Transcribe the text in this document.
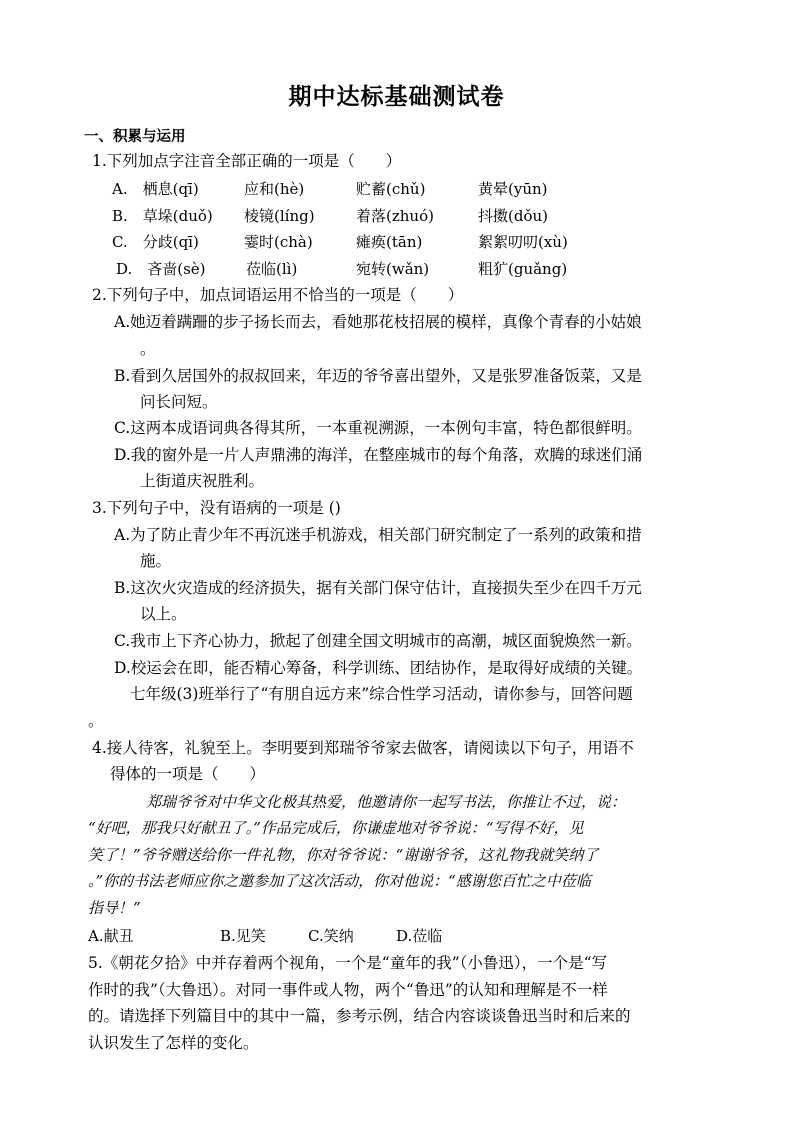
期中达标基础测试卷
一、积累与运用
1.下列加点字注音全部正确的一项是（　　）
A.　栖息(qī)	应和(hè)	贮蓄(chǔ)	黄晕(yūn)
B.　草垛(duǒ) 棱镜(líng)	着落(zhuó)	抖擞(dǒu)
C.　分歧(qī)	霎时(chà)	瘫痪(tān)	絮絮叨叨(xù)
D.　吝啬(sè)	莅临(lì)	宛转(wǎn)	粗犷(guǎng)
2.下列句子中，加点词语运用不恰当的一项是（　　）
A.她迈着蹒跚的步子扬长而去，看她那花枝招展的模样，真像个青春的小姑娘
。
B.看到久居国外的叔叔回来，年迈的爷爷喜出望外，又是张罗准备饭菜，又是
问长问短。
C.这两本成语词典各得其所，一本重视溯源，一本例句丰富，特色都很鲜明。
D.我的窗外是一片人声鼎沸的海洋，在整座城市的每个角落，欢腾的球迷们涌
上街道庆祝胜利。
3.下列句子中，没有语病的一项是 ()
A.为了防止青少年不再沉迷手机游戏，相关部门研究制定了一系列的政策和措
施。
B.这次火灾造成的经济损失，据有关部门保守估计，直接损失至少在四千万元
以上。
C.我市上下齐心协力，掀起了创建全国文明城市的高潮，城区面貌焕然一新。
D.校运会在即，能否精心筹备，科学训练、团结协作，是取得好成绩的关键。
七年级(3)班举行了“有朋自远方来”综合性学习活动，请你参与，回答问题
。
4.接人待客，礼貌至上。李明要到郑瑞爷爷家去做客，请阅读以下句子，用语不
得体的一项是（　　）
郑瑞爷爷对中华文化极其热爱，他邀请你一起写书法，你推让不过，说：
“好吧，那我只好献丑了。”作品完成后，你谦虚地对爷爷说：“写得不好，见
笑了！”爷爷赠送给你一件礼物，你对爷爷说：“谢谢爷爷，这礼物我就笑纳了
。”你的书法老师应你之邀参加了这次活动，你对他说：“感谢您百忙之中莅临
指导！”
A.献丑	B.见笑	C.笑纳	D.莅临
5.《朝花夕拾》中并存着两个视角，一个是“童年的我”（小鲁迅），一个是“写
作时的我”（大鲁迅）。对同一事件或人物，两个“鲁迅”的认知和理解是不一样
的。请选择下列篇目中的其中一篇，参考示例，结合内容谈谈鲁迅当时和后来的
认识发生了怎样的变化。
